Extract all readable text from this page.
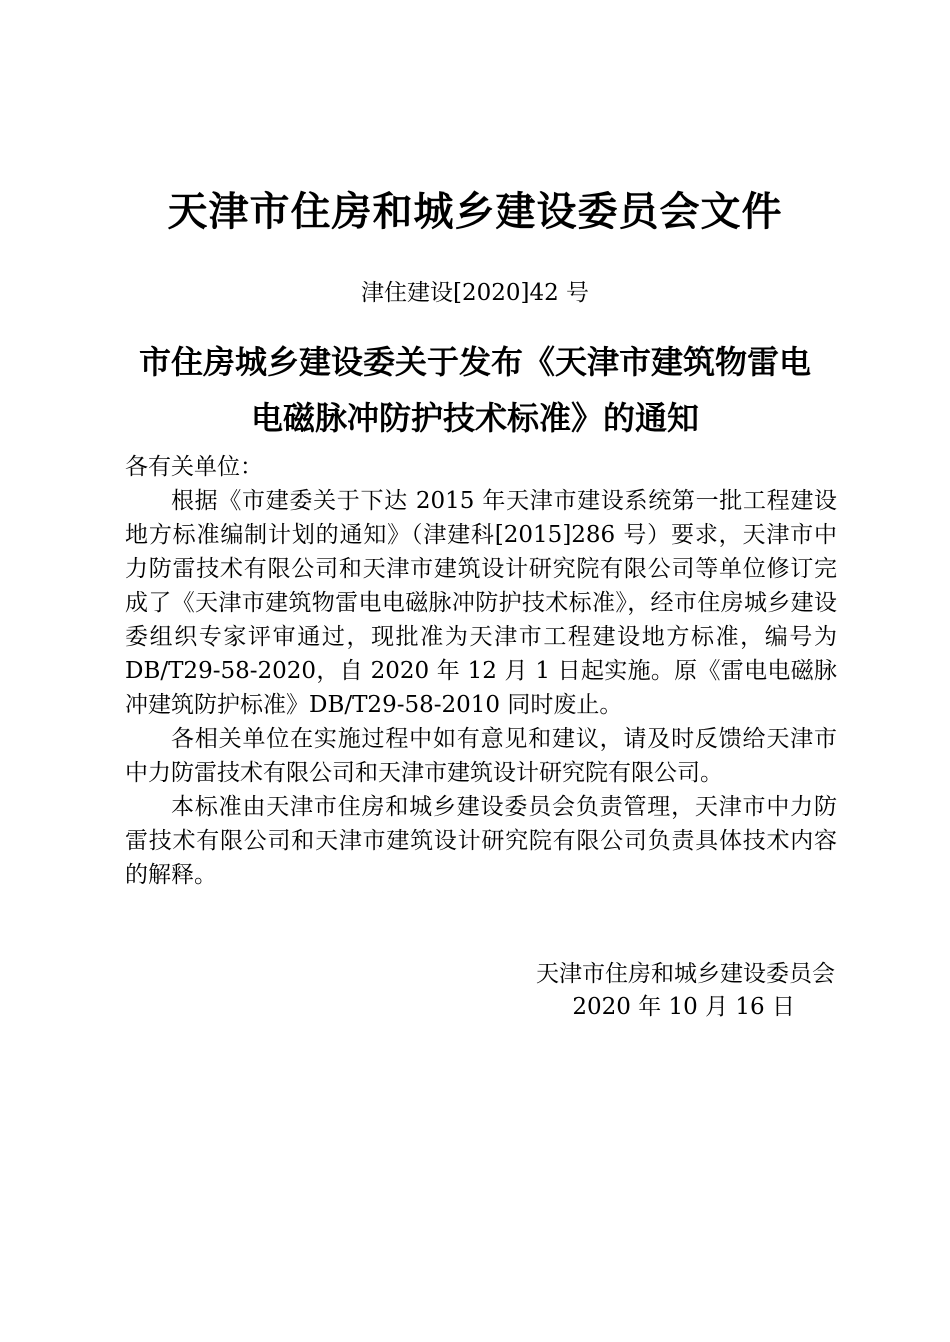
天津市住房和城乡建设委员会文件
津住建设[2020]42 号
市住房城乡建设委关于发布《天津市建筑物雷电
电磁脉冲防护技术标准》的通知

各有关单位：

根据《市建委关于下达 2015 年天津市建设系统第一批工程建设地方标准编制计划的通知》（津建科[2015]286 号）要求，天津市中力防雷技术有限公司和天津市建筑设计研究院有限公司等单位修订完成了《天津市建筑物雷电电磁脉冲防护技术标准》，经市住房城乡建设委组织专家评审通过，现批准为天津市工程建设地方标准，编号为 DB/T29-58-2020，自 2020 年 12 月 1 日起实施。原《雷电电磁脉冲建筑防护标准》DB/T29-58-2010 同时废止。

各相关单位在实施过程中如有意见和建议，请及时反馈给天津市中力防雷技术有限公司和天津市建筑设计研究院有限公司。

本标准由天津市住房和城乡建设委员会负责管理，天津市中力防雷技术有限公司和天津市建筑设计研究院有限公司负责具体技术内容的解释。

天津市住房和城乡建设委员会
2020 年 10 月 16 日
